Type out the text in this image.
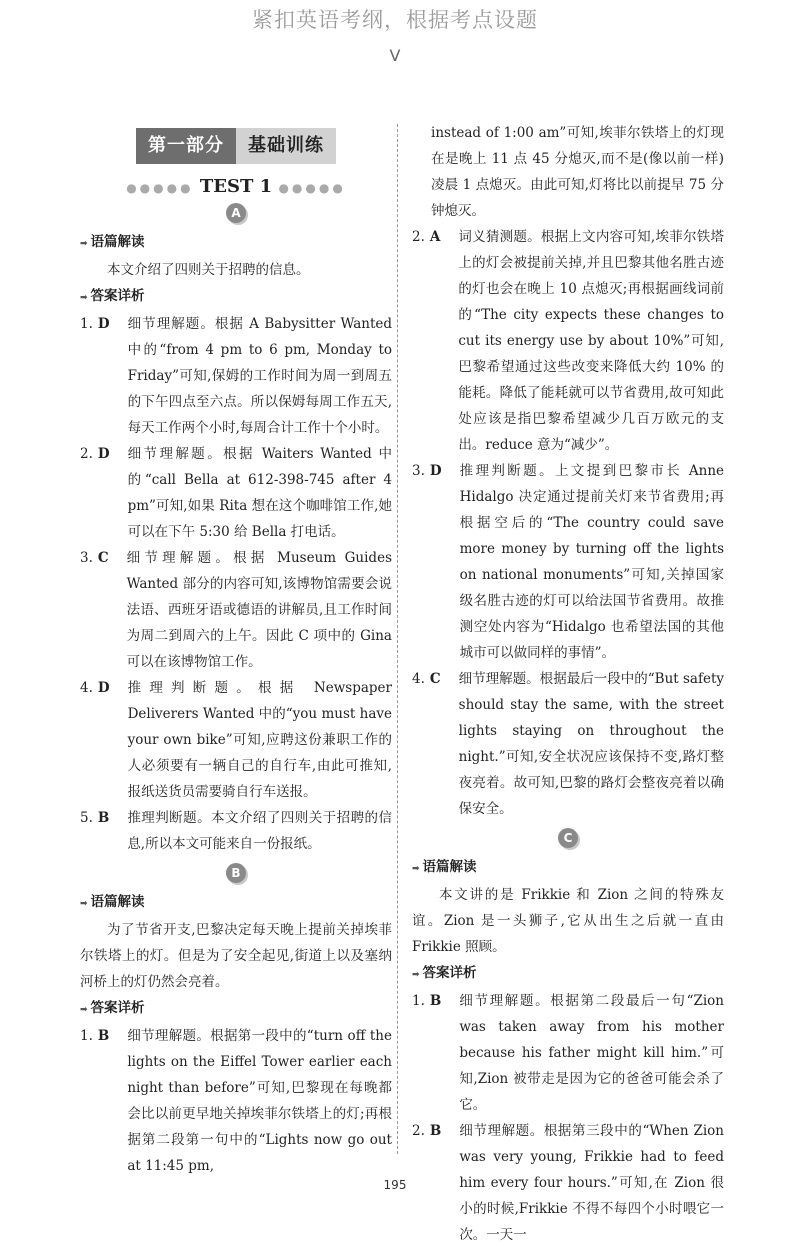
紧扣英语考纲，根据考点设题
V
第一部分	基础训练
●●●●● TEST 1 ●●●●●
A

➡ 语篇解读

本文介绍了四则关于招聘的信息。

➡ 答案详析

1. D 细节理解题。根据 A Babysitter Wanted 中的“from 4 pm to 6 pm, Monday to Friday”可知,保姆的工作时间为周一到周五的下午四点至六点。所以保姆每周工作五天,每天工作两个小时,每周合计工作十个小时。
2. D 细节理解题。根据 Waiters Wanted 中的“call Bella at 612-398-745 after 4 pm”可知,如果 Rita 想在这个咖啡馆工作,她可以在下午 5:30 给 Bella 打电话。
3. C 细节理解题。根据 Museum Guides Wanted 部分的内容可知,该博物馆需要会说法语、西班牙语或德语的讲解员,且工作时间为周二到周六的上午。因此 C 项中的 Gina 可以在该博物馆工作。
4. D 推理判断题。根据 Newspaper Deliverers Wanted 中的“you must have your own bike”可知,应聘这份兼职工作的人必须要有一辆自己的自行车,由此可推知,报纸送货员需要骑自行车送报。
5. B 推理判断题。本文介绍了四则关于招聘的信息,所以本文可能来自一份报纸。
B

➡ 语篇解读

为了节省开支,巴黎决定每天晚上提前关掉埃菲尔铁塔上的灯。但是为了安全起见,街道上以及塞纳河桥上的灯仍然会亮着。

➡ 答案详析

1. B 细节理解题。根据第一段中的“turn off the lights on the Eiffel Tower earlier each night than before”可知,巴黎现在每晚都会比以前更早地关掉埃菲尔铁塔上的灯;再根据第二段第一句中的“Lights now go out at 11:45 pm,

instead of 1:00 am”可知,埃菲尔铁塔上的灯现在是晚上 11 点 45 分熄灭,而不是(像以前一样)凌晨 1 点熄灭。由此可知,灯将比以前提早 75 分钟熄灭。

2. A 词义猜测题。根据上文内容可知,埃菲尔铁塔上的灯会被提前关掉,并且巴黎其他名胜古迹的灯也会在晚上 10 点熄灭;再根据画线词前的“The city expects these changes to cut its energy use by about 10%”可知,巴黎希望通过这些改变来降低大约 10% 的能耗。降低了能耗就可以节省费用,故可知此处应该是指巴黎希望减少几百万欧元的支出。reduce 意为“减少”。
3. D 推理判断题。上文提到巴黎市长 Anne Hidalgo 决定通过提前关灯来节省费用;再根据空后的“The country could save more money by turning off the lights on national monuments”可知,关掉国家级名胜古迹的灯可以给法国节省费用。故推测空处内容为“Hidalgo 也希望法国的其他城市可以做同样的事情”。
4. C 细节理解题。根据最后一段中的“But safety should stay the same, with the street lights staying on throughout the night.”可知,安全状况应该保持不变,路灯整夜亮着。故可知,巴黎的路灯会整夜亮着以确保安全。
C

➡ 语篇解读

本文讲的是 Frikkie 和 Zion 之间的特殊友谊。Zion 是一头狮子,它从出生之后就一直由 Frikkie 照顾。

➡ 答案详析

1. B 细节理解题。根据第二段最后一句“Zion was taken away from his mother because his father might kill him.”可知,Zion 被带走是因为它的爸爸可能会杀了它。
2. B 细节理解题。根据第三段中的“When Zion was very young, Frikkie had to feed him every four hours.”可知,在 Zion 很小的时候,Frikkie 不得不每四个小时喂它一次。一天一
195
